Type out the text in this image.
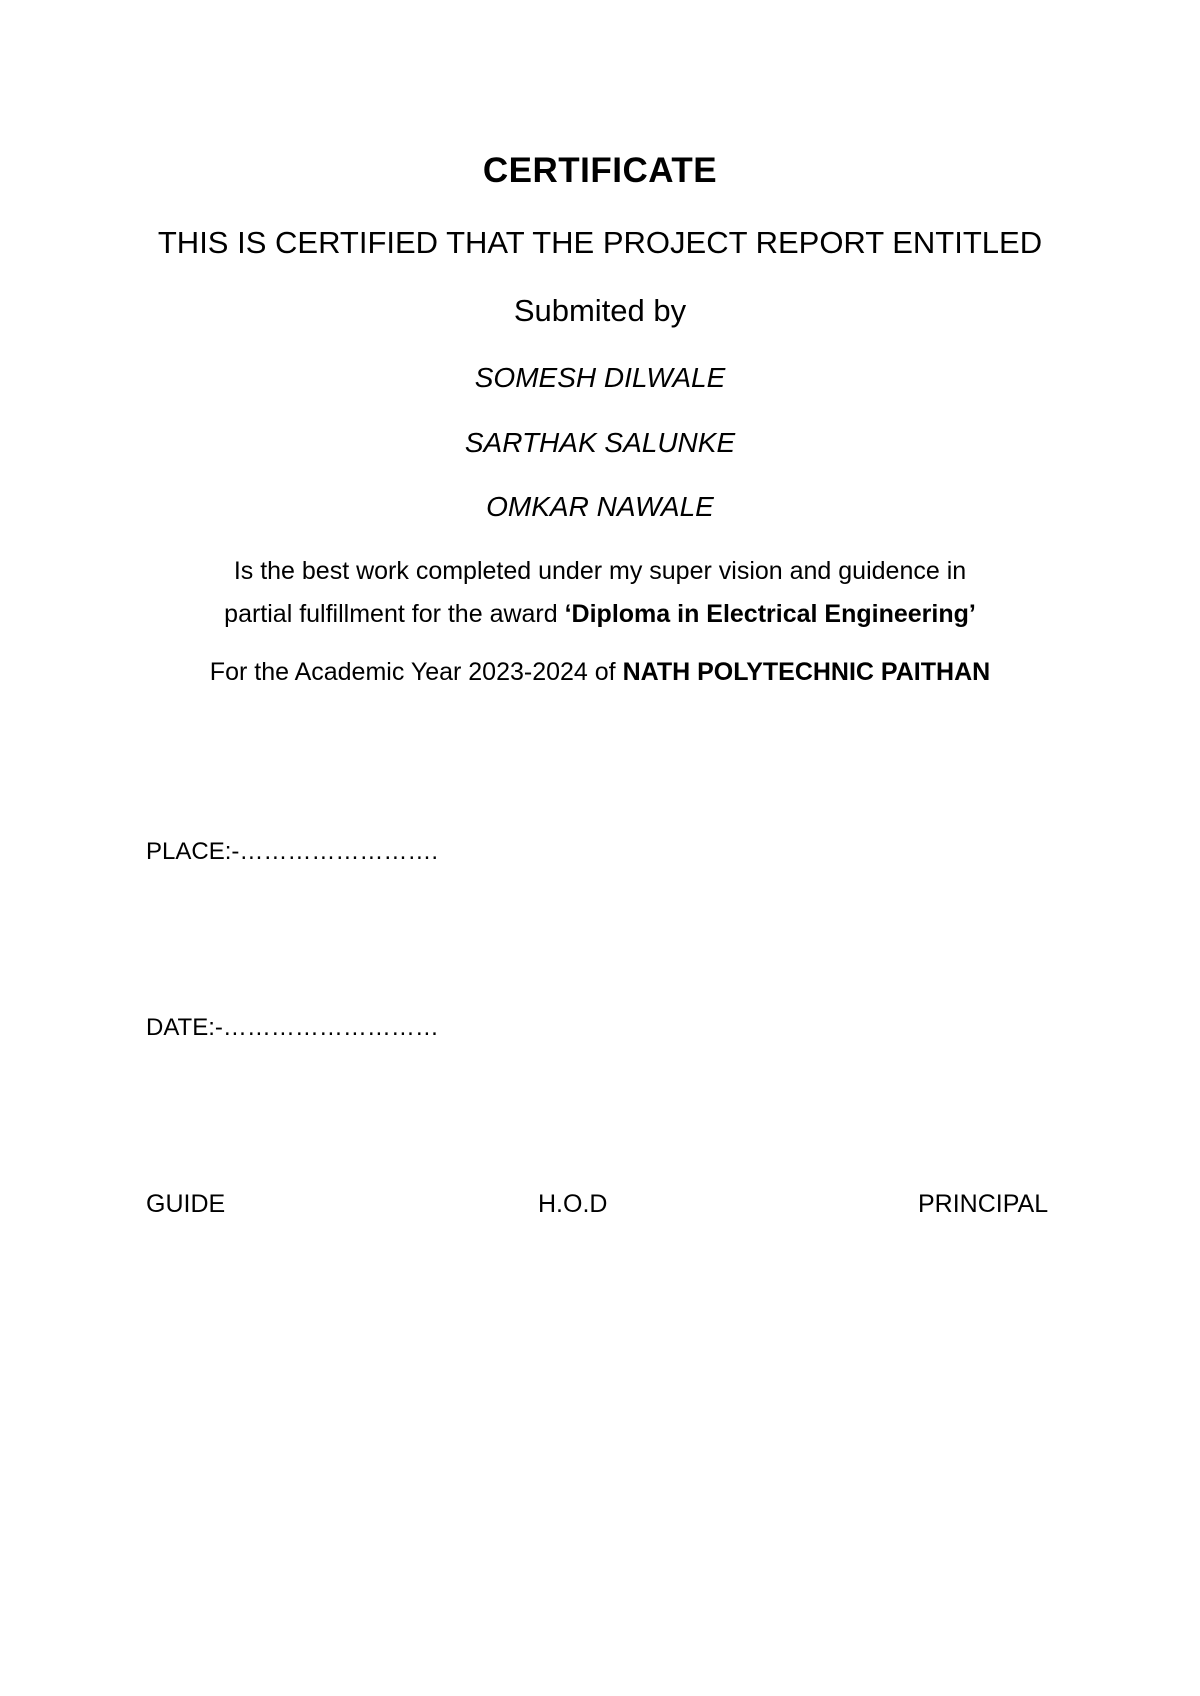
CERTIFICATE

THIS IS CERTIFIED THAT THE PROJECT REPORT ENTITLED

Submited by

SOMESH DILWALE

SARTHAK SALUNKE

OMKAR NAWALE

Is the best work completed under my super vision and guidence in

partial fulfillment for the award ‘Diploma in Electrical Engineering’

For the Academic Year 2023-2024 of NATH POLYTECHNIC PAITHAN

PLACE:-…………………….

DATE:-………………………

GUIDE	H.O.D	PRINCIPAL
